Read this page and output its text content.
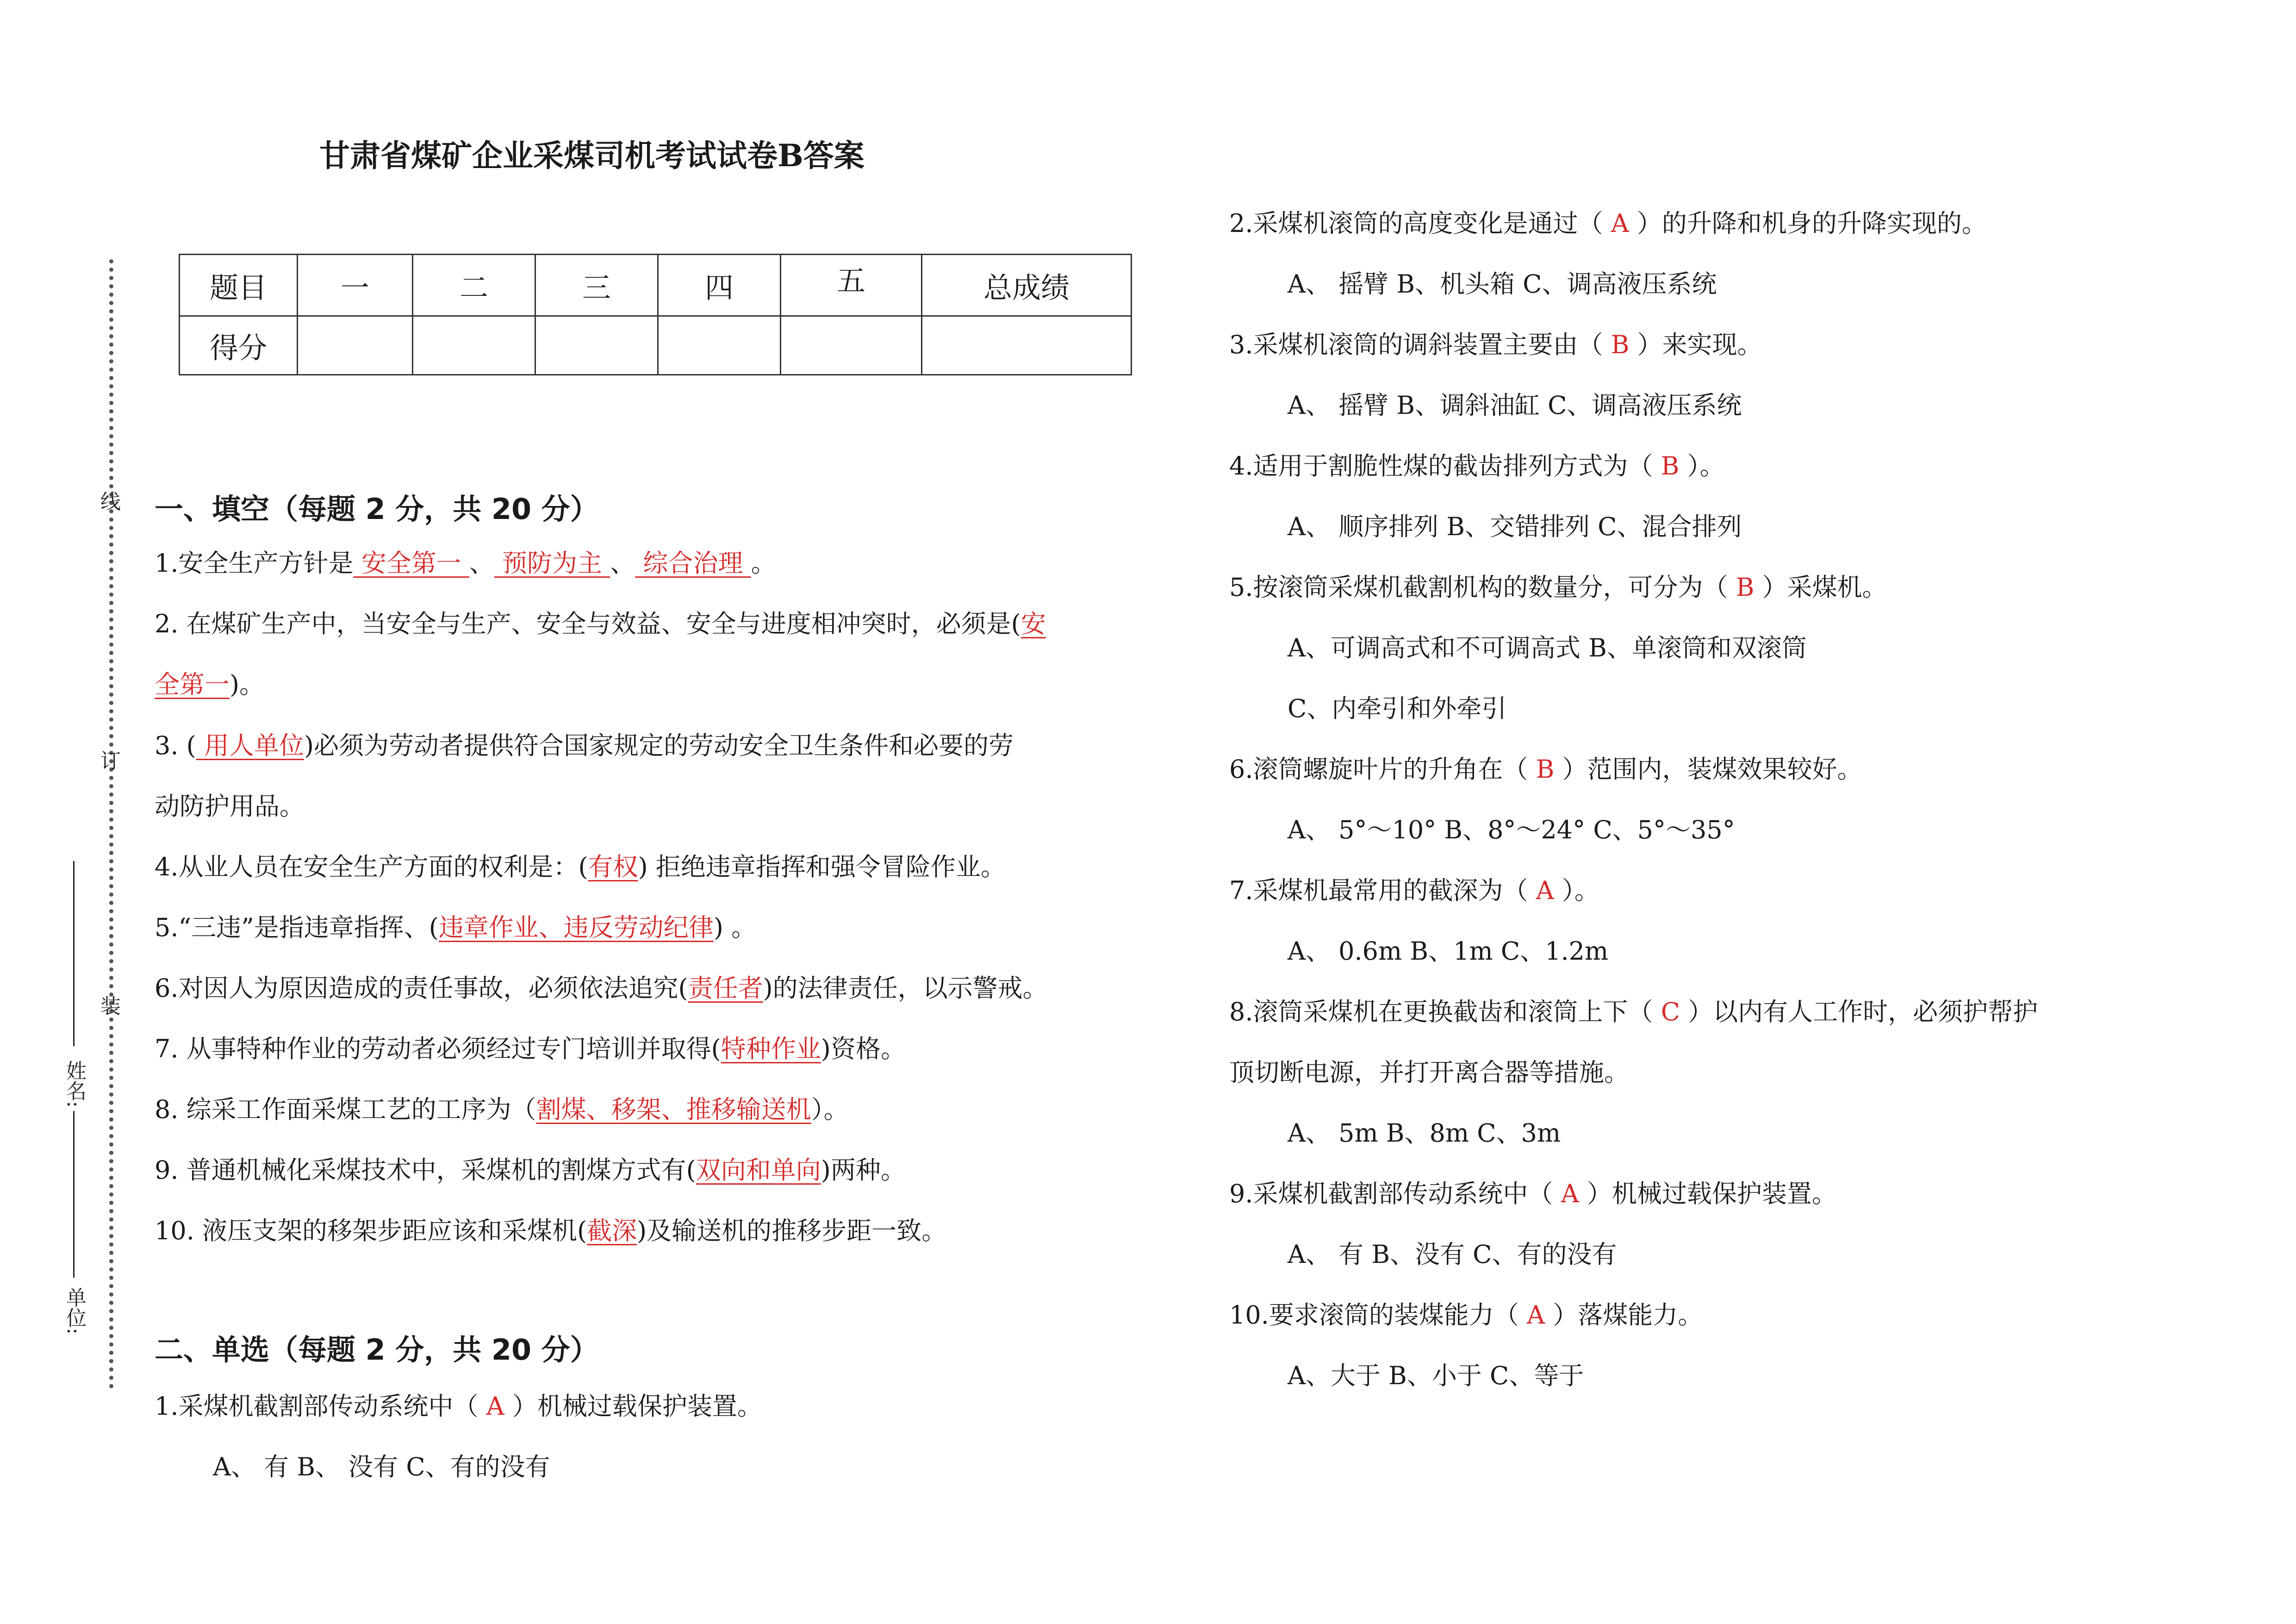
线
订
装
姓名:
单位:
甘肃省煤矿企业采煤司机考试试卷B答案
题目	一	二	三	四	五	总成绩
得分						
一、填空（每题 2 分，共 20 分）
1.安全生产方针是 安全第一 、 预防为主 、 综合治理 。
2. 在煤矿生产中，当安全与生产、安全与效益、安全与进度相冲突时，必须是(安
全第一)。
3. ( 用人单位)必须为劳动者提供符合国家规定的劳动安全卫生条件和必要的劳
动防护用品。
4.从业人员在安全生产方面的权利是：(有权) 拒绝违章指挥和强令冒险作业。
5.“三违”是指违章指挥、(违章作业、违反劳动纪律) 。
6.对因人为原因造成的责任事故，必须依法追究(责任者)的法律责任，以示警戒。
7. 从事特种作业的劳动者必须经过专门培训并取得(特种作业)资格。
8. 综采工作面采煤工艺的工序为（割煤、移架、推移输送机）。
9. 普通机械化采煤技术中，采煤机的割煤方式有(双向和单向)两种。
10. 液压支架的移架步距应该和采煤机(截深)及输送机的推移步距一致。
二、单选（每题 2 分，共 20 分）
1.采煤机截割部传动系统中（ A ）机械过载保护装置。
A、 有 B、 没有 C、有的没有
2.采煤机滚筒的高度变化是通过（ A ）的升降和机身的升降实现的。
A、 摇臂 B、机头箱 C、调高液压系统
3.采煤机滚筒的调斜装置主要由（ B ）来实现。
A、 摇臂 B、调斜油缸 C、调高液压系统
4.适用于割脆性煤的截齿排列方式为（ B ）。
A、 顺序排列 B、交错排列 C、混合排列
5.按滚筒采煤机截割机构的数量分，可分为（ B ）采煤机。
A、可调高式和不可调高式 B、单滚筒和双滚筒
C、内牵引和外牵引
6.滚筒螺旋叶片的升角在（ B ）范围内，装煤效果较好。
A、 5°～10° B、8°～24° C、5°～35°
7.采煤机最常用的截深为（ A ）。
A、 0.6m B、1m C、1.2m
8.滚筒采煤机在更换截齿和滚筒上下（ C ）以内有人工作时，必须护帮护
顶切断电源，并打开离合器等措施。
A、 5m B、8m C、3m
9.采煤机截割部传动系统中（ A ）机械过载保护装置。
A、 有 B、没有 C、有的没有
10.要求滚筒的装煤能力（ A ）落煤能力。
A、大于 B、小于 C、等于
